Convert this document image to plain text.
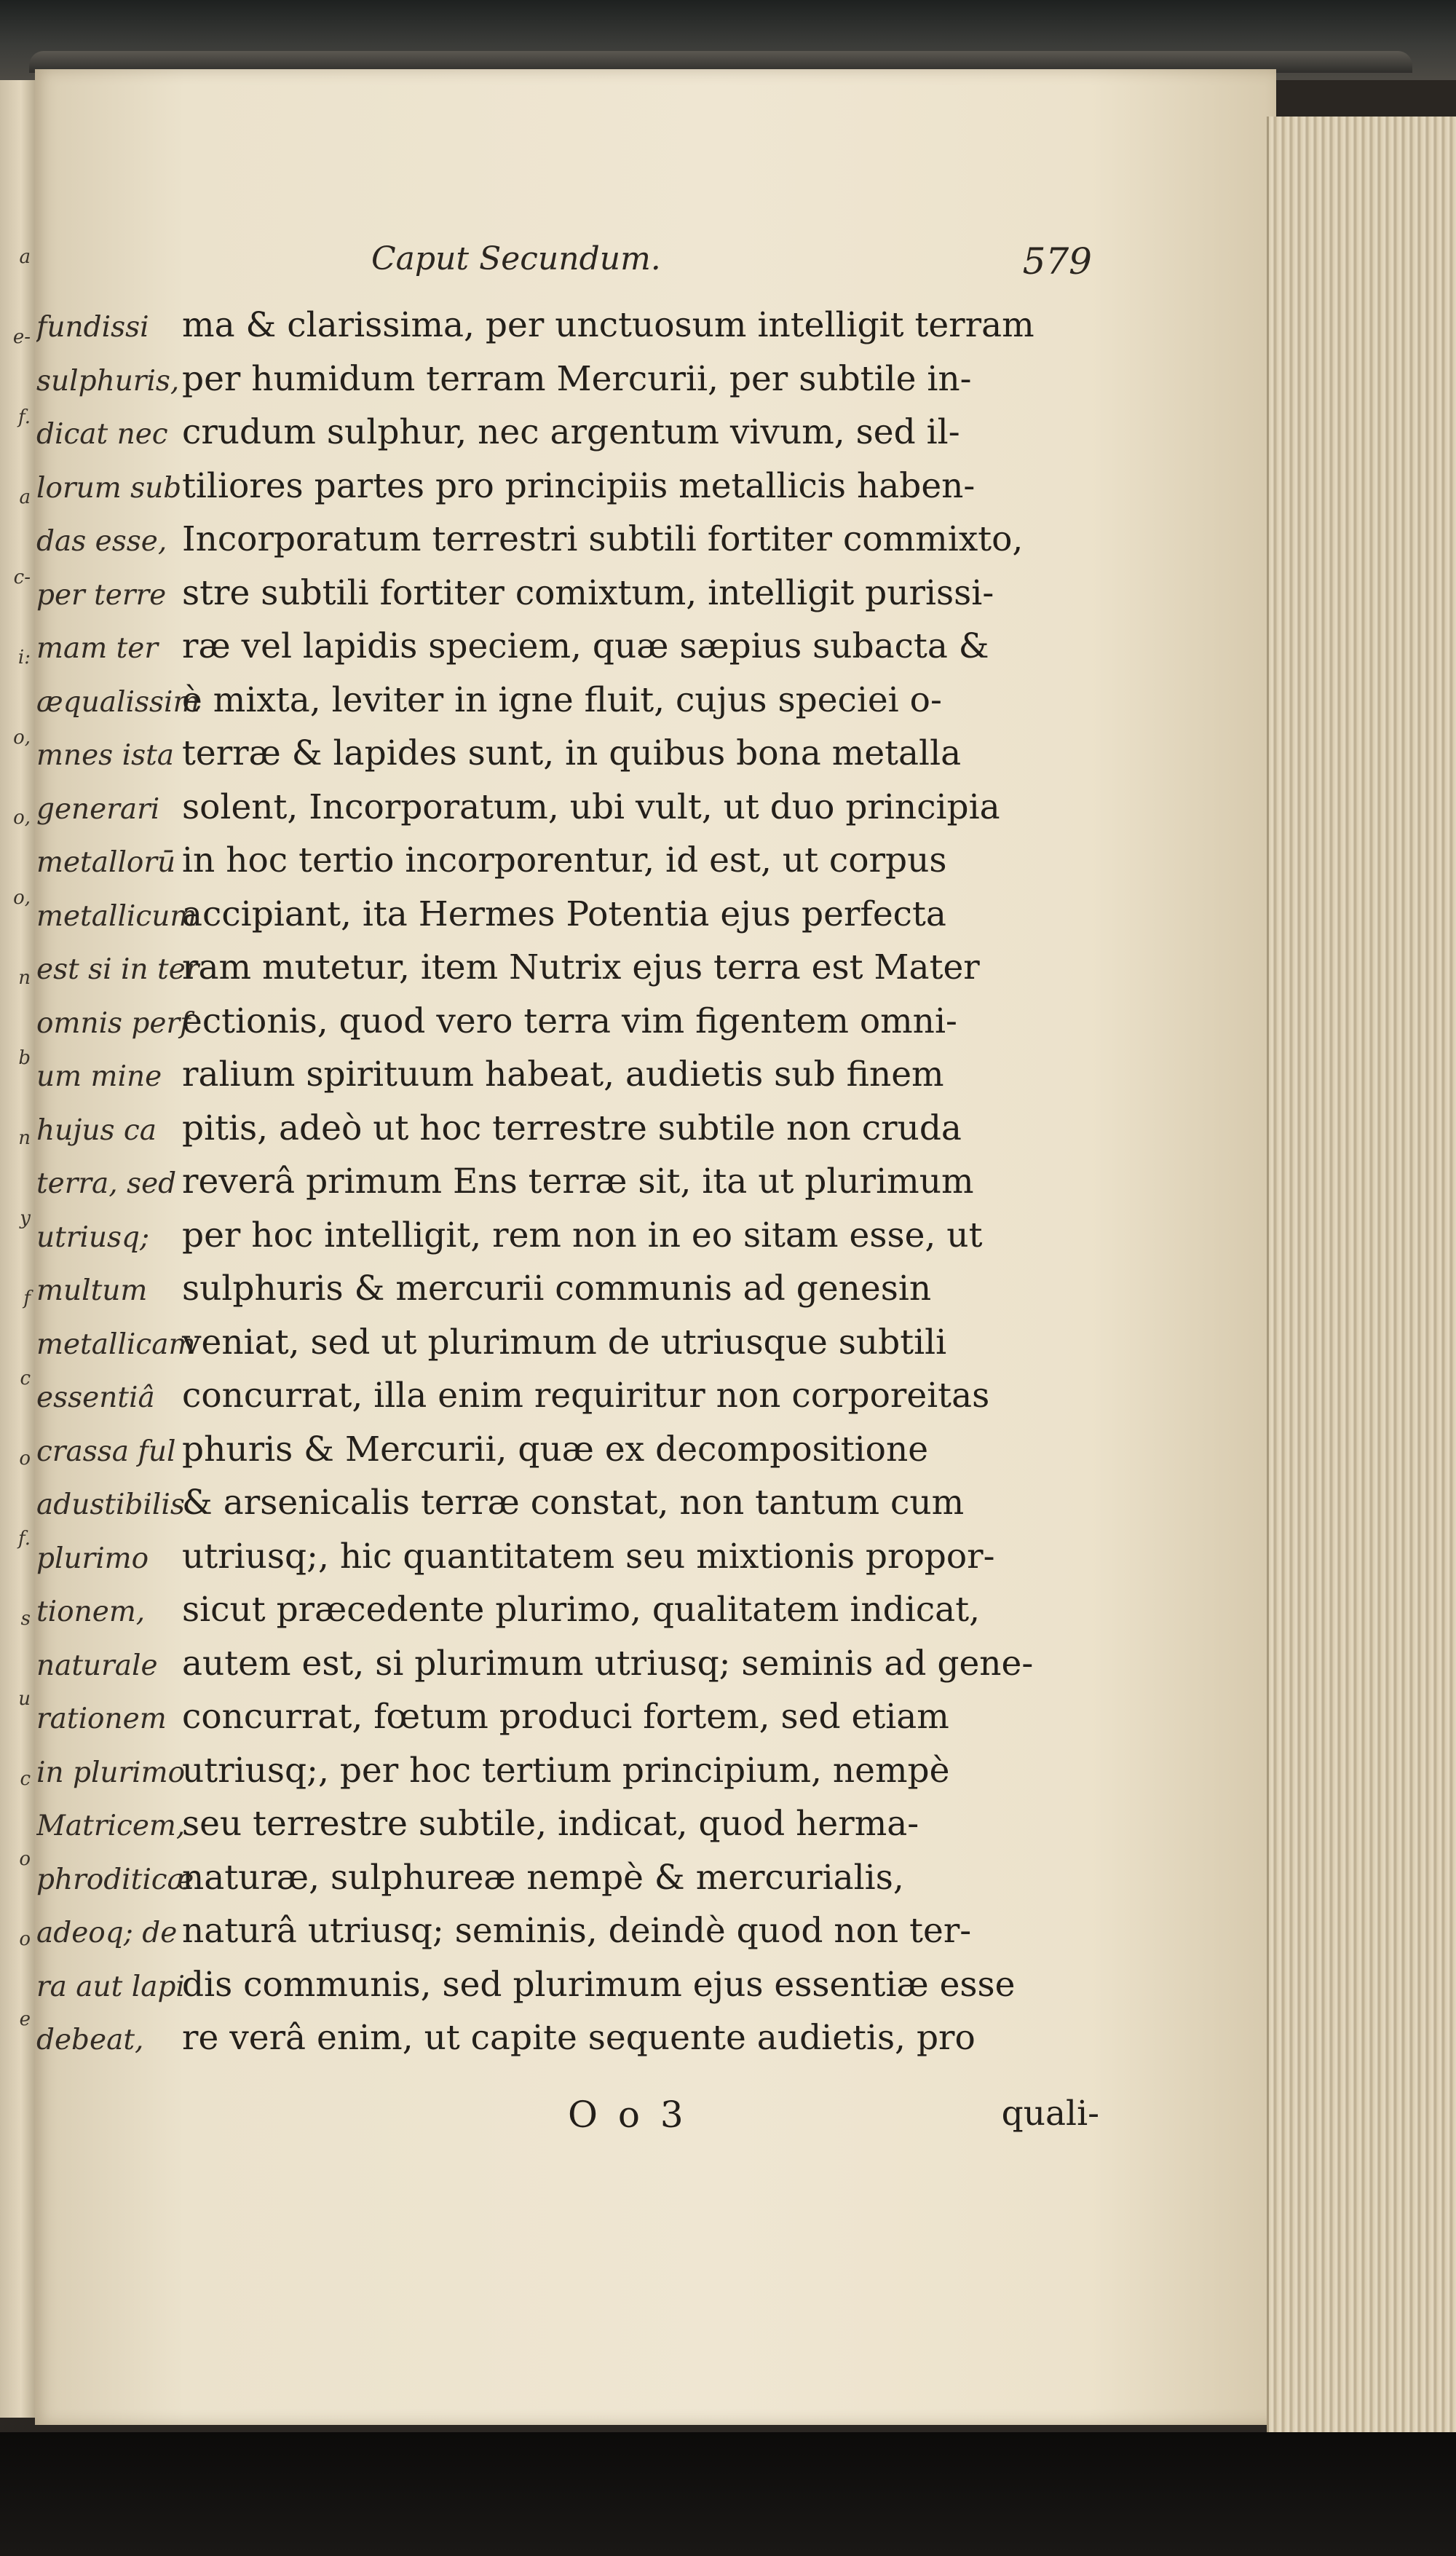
a
e-
f.
a
c-
i:
o,
o,
o,
n
b
n
y
f
c
o
f.
s
u
c
o
o
e
Caput Secundum.	579
fundissi ma & clarissima, per unctuosum intelligit terram
sulphuris,per humidum terram Mercurii, per subtile in-
dicat nec crudum sulphur, nec argentum vivum, sed il-
lorum subtiliores partes pro principiis metallicis haben-
das esse, Incorporatum terrestri subtili fortiter commixto,
per terre stre subtili fortiter comixtum, intelligit purissi-
mam ter ræ vel lapidis speciem, quæ sæpius subacta &
æqualissimè mixta, leviter in igne fluit, cujus speciei o-
mnes ista terræ & lapides sunt, in quibus bona metalla
generari solent, Incorporatum, ubi vult, ut duo principia
metallorū in hoc tertio incorporentur, id est, ut corpus
metallicumaccipiant, ita Hermes Potentia ejus perfecta
est si in terram mutetur, item Nutrix ejus terra est Mater
omnis perfectionis, quod vero terra vim figentem omni-
um mine ralium spirituum habeat, audietis sub finem
hujus ca pitis, adeò ut hoc terrestre subtile non cruda
terra, sed reverâ primum Ens terræ sit, ita ut plurimum
utriusq; per hoc intelligit, rem non in eo sitam esse, ut
multum sulphuris & mercurii communis ad genesin
metallicamveniat, sed ut plurimum de utriusque subtili
essentiâ concurrat, illa enim requiritur non corporeitas
crassa ful phuris & Mercurii, quæ ex decompositione
adustibilis& arsenicalis terræ constat, non tantum cum
plurimo utriusq;, hic quantitatem seu mixtionis propor-
tionem, sicut præcedente plurimo, qualitatem indicat,
naturale autem est, si plurimum utriusq; seminis ad gene-
rationem concurrat, fœtum produci fortem, sed etiam
in plurimoutriusq;, per hoc tertium principium, nempè
Matricem,seu terrestre subtile, indicat, quod herma-
phroditicænaturæ, sulphureæ nempè & mercurialis,
adeoq; de naturâ utriusq; seminis, deindè quod non ter-
ra aut lapidis communis, sed plurimum ejus essentiæ esse
debeat, re verâ enim, ut capite sequente audietis, pro
O o 3	quali-
